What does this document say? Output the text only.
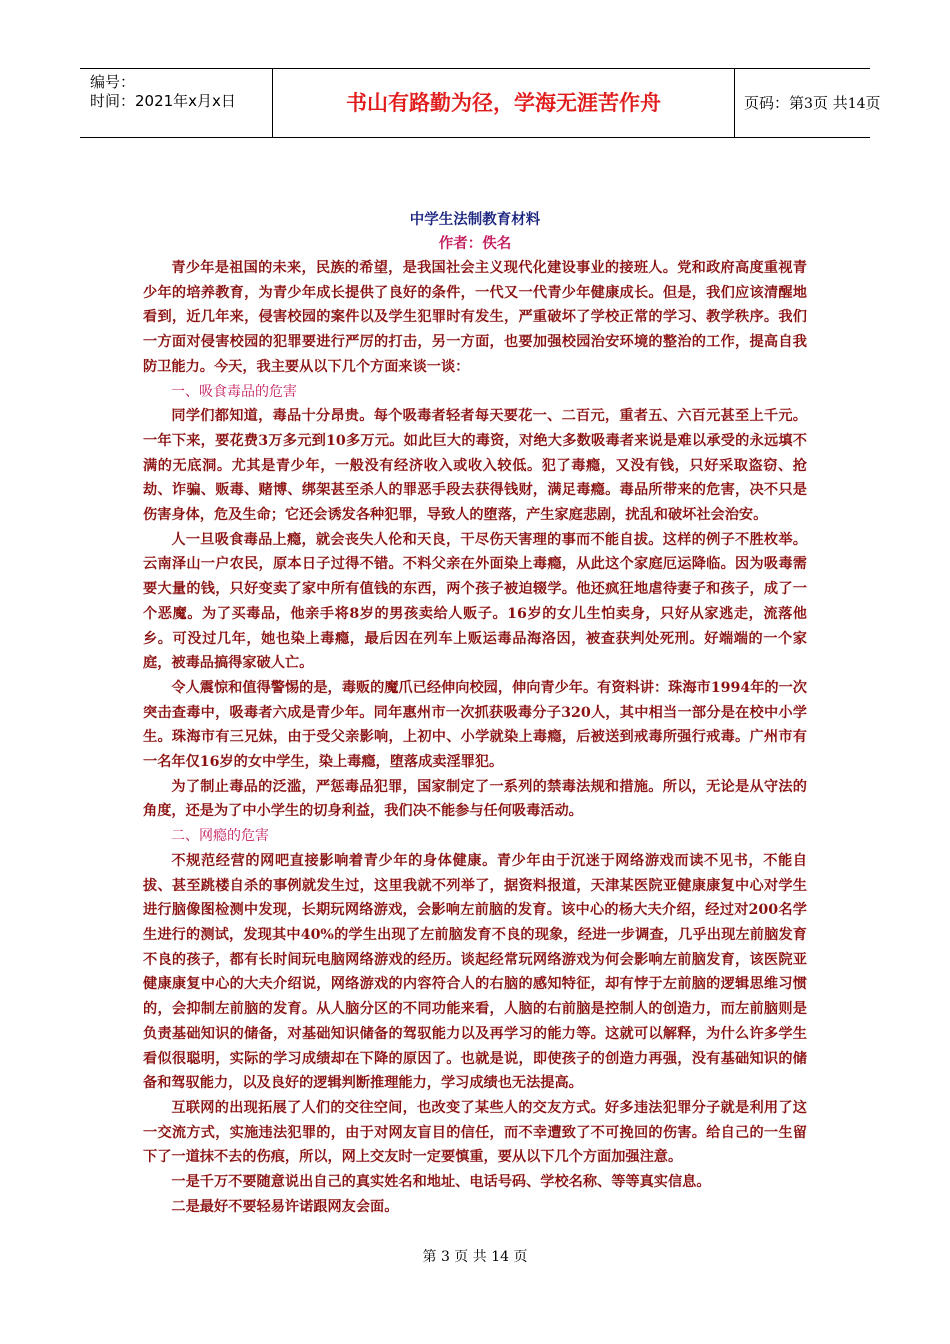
编号：
时间：2021年x月x日	书山有路勤为径，学海无涯苦作舟	页码：第3页 共14页
中学生法制教育材料
作者：佚名

青少年是祖国的未来，民族的希望，是我国社会主义现代化建设事业的接班人。党和政府高度重视青少年的培养教育，为青少年成长提供了良好的条件，一代又一代青少年健康成长。但是，我们应该清醒地看到，近几年来，侵害校园的案件以及学生犯罪时有发生，严重破坏了学校正常的学习、教学秩序。我们一方面对侵害校园的犯罪要进行严厉的打击，另一方面，也要加强校园治安环境的整治的工作，提高自我防卫能力。今天，我主要从以下几个方面来谈一谈：

一、吸食毒品的危害

同学们都知道，毒品十分昂贵。每个吸毒者轻者每天要花一、二百元，重者五、六百元甚至上千元。一年下来，要花费3万多元到10多万元。如此巨大的毒资，对绝大多数吸毒者来说是难以承受的永远填不满的无底洞。尤其是青少年，一般没有经济收入或收入较低。犯了毒瘾，又没有钱，只好采取盗窃、抢劫、诈骗、贩毒、赌博、绑架甚至杀人的罪恶手段去获得钱财，满足毒瘾。毒品所带来的危害，决不只是伤害身体，危及生命；它还会诱发各种犯罪，导致人的堕落，产生家庭悲剧，扰乱和破坏社会治安。

人一旦吸食毒品上瘾，就会丧失人伦和天良，干尽伤天害理的事而不能自拔。这样的例子不胜枚举。云南泽山一户农民，原本日子过得不错。不料父亲在外面染上毒瘾，从此这个家庭厄运降临。因为吸毒需要大量的钱，只好变卖了家中所有值钱的东西，两个孩子被迫辍学。他还疯狂地虐待妻子和孩子，成了一个恶魔。为了买毒品，他亲手将8岁的男孩卖给人贩子。16岁的女儿生怕卖身，只好从家逃走，流落他乡。可没过几年，她也染上毒瘾，最后因在列车上贩运毒品海洛因，被查获判处死刑。好端端的一个家庭，被毒品搞得家破人亡。

令人震惊和值得警惕的是，毒贩的魔爪已经伸向校园，伸向青少年。有资料讲：珠海市1994年的一次突击查毒中，吸毒者六成是青少年。同年惠州市一次抓获吸毒分子320人，其中相当一部分是在校中小学生。珠海市有三兄妹，由于受父亲影响，上初中、小学就染上毒瘾，后被送到戒毒所强行戒毒。广州市有一名年仅16岁的女中学生，染上毒瘾，堕落成卖淫罪犯。

为了制止毒品的泛滥，严惩毒品犯罪，国家制定了一系列的禁毒法规和措施。所以，无论是从守法的角度，还是为了中小学生的切身利益，我们决不能参与任何吸毒活动。

二、网瘾的危害

不规范经营的网吧直接影响着青少年的身体健康。青少年由于沉迷于网络游戏而读不见书，不能自拔、甚至跳楼自杀的事例就发生过，这里我就不列举了，据资料报道，天津某医院亚健康康复中心对学生进行脑像图检测中发现，长期玩网络游戏，会影响左前脑的发育。该中心的杨大夫介绍，经过对200名学生进行的测试，发现其中40%的学生出现了左前脑发育不良的现象，经进一步调查，几乎出现左前脑发育不良的孩子，都有长时间玩电脑网络游戏的经历。谈起经常玩网络游戏为何会影响左前脑发育，该医院亚健康康复中心的大夫介绍说，网络游戏的内容符合人的右脑的感知特征，却有悖于左前脑的逻辑思维习惯的，会抑制左前脑的发育。从人脑分区的不同功能来看，人脑的右前脑是控制人的创造力，而左前脑则是负责基础知识的储备，对基础知识储备的驾驭能力以及再学习的能力等。这就可以解释，为什么许多学生看似很聪明，实际的学习成绩却在下降的原因了。也就是说，即使孩子的创造力再强，没有基础知识的储备和驾驭能力，以及良好的逻辑判断推理能力，学习成绩也无法提高。

互联网的出现拓展了人们的交往空间，也改变了某些人的交友方式。好多违法犯罪分子就是利用了这一交流方式，实施违法犯罪的，由于对网友盲目的信任，而不幸遭致了不可挽回的伤害。给自己的一生留下了一道抹不去的伤痕，所以，网上交友时一定要慎重，要从以下几个方面加强注意。

一是千万不要随意说出自己的真实姓名和地址、电话号码、学校名称、等等真实信息。

二是最好不要轻易许诺跟网友会面。

第 3 页 共 14 页
